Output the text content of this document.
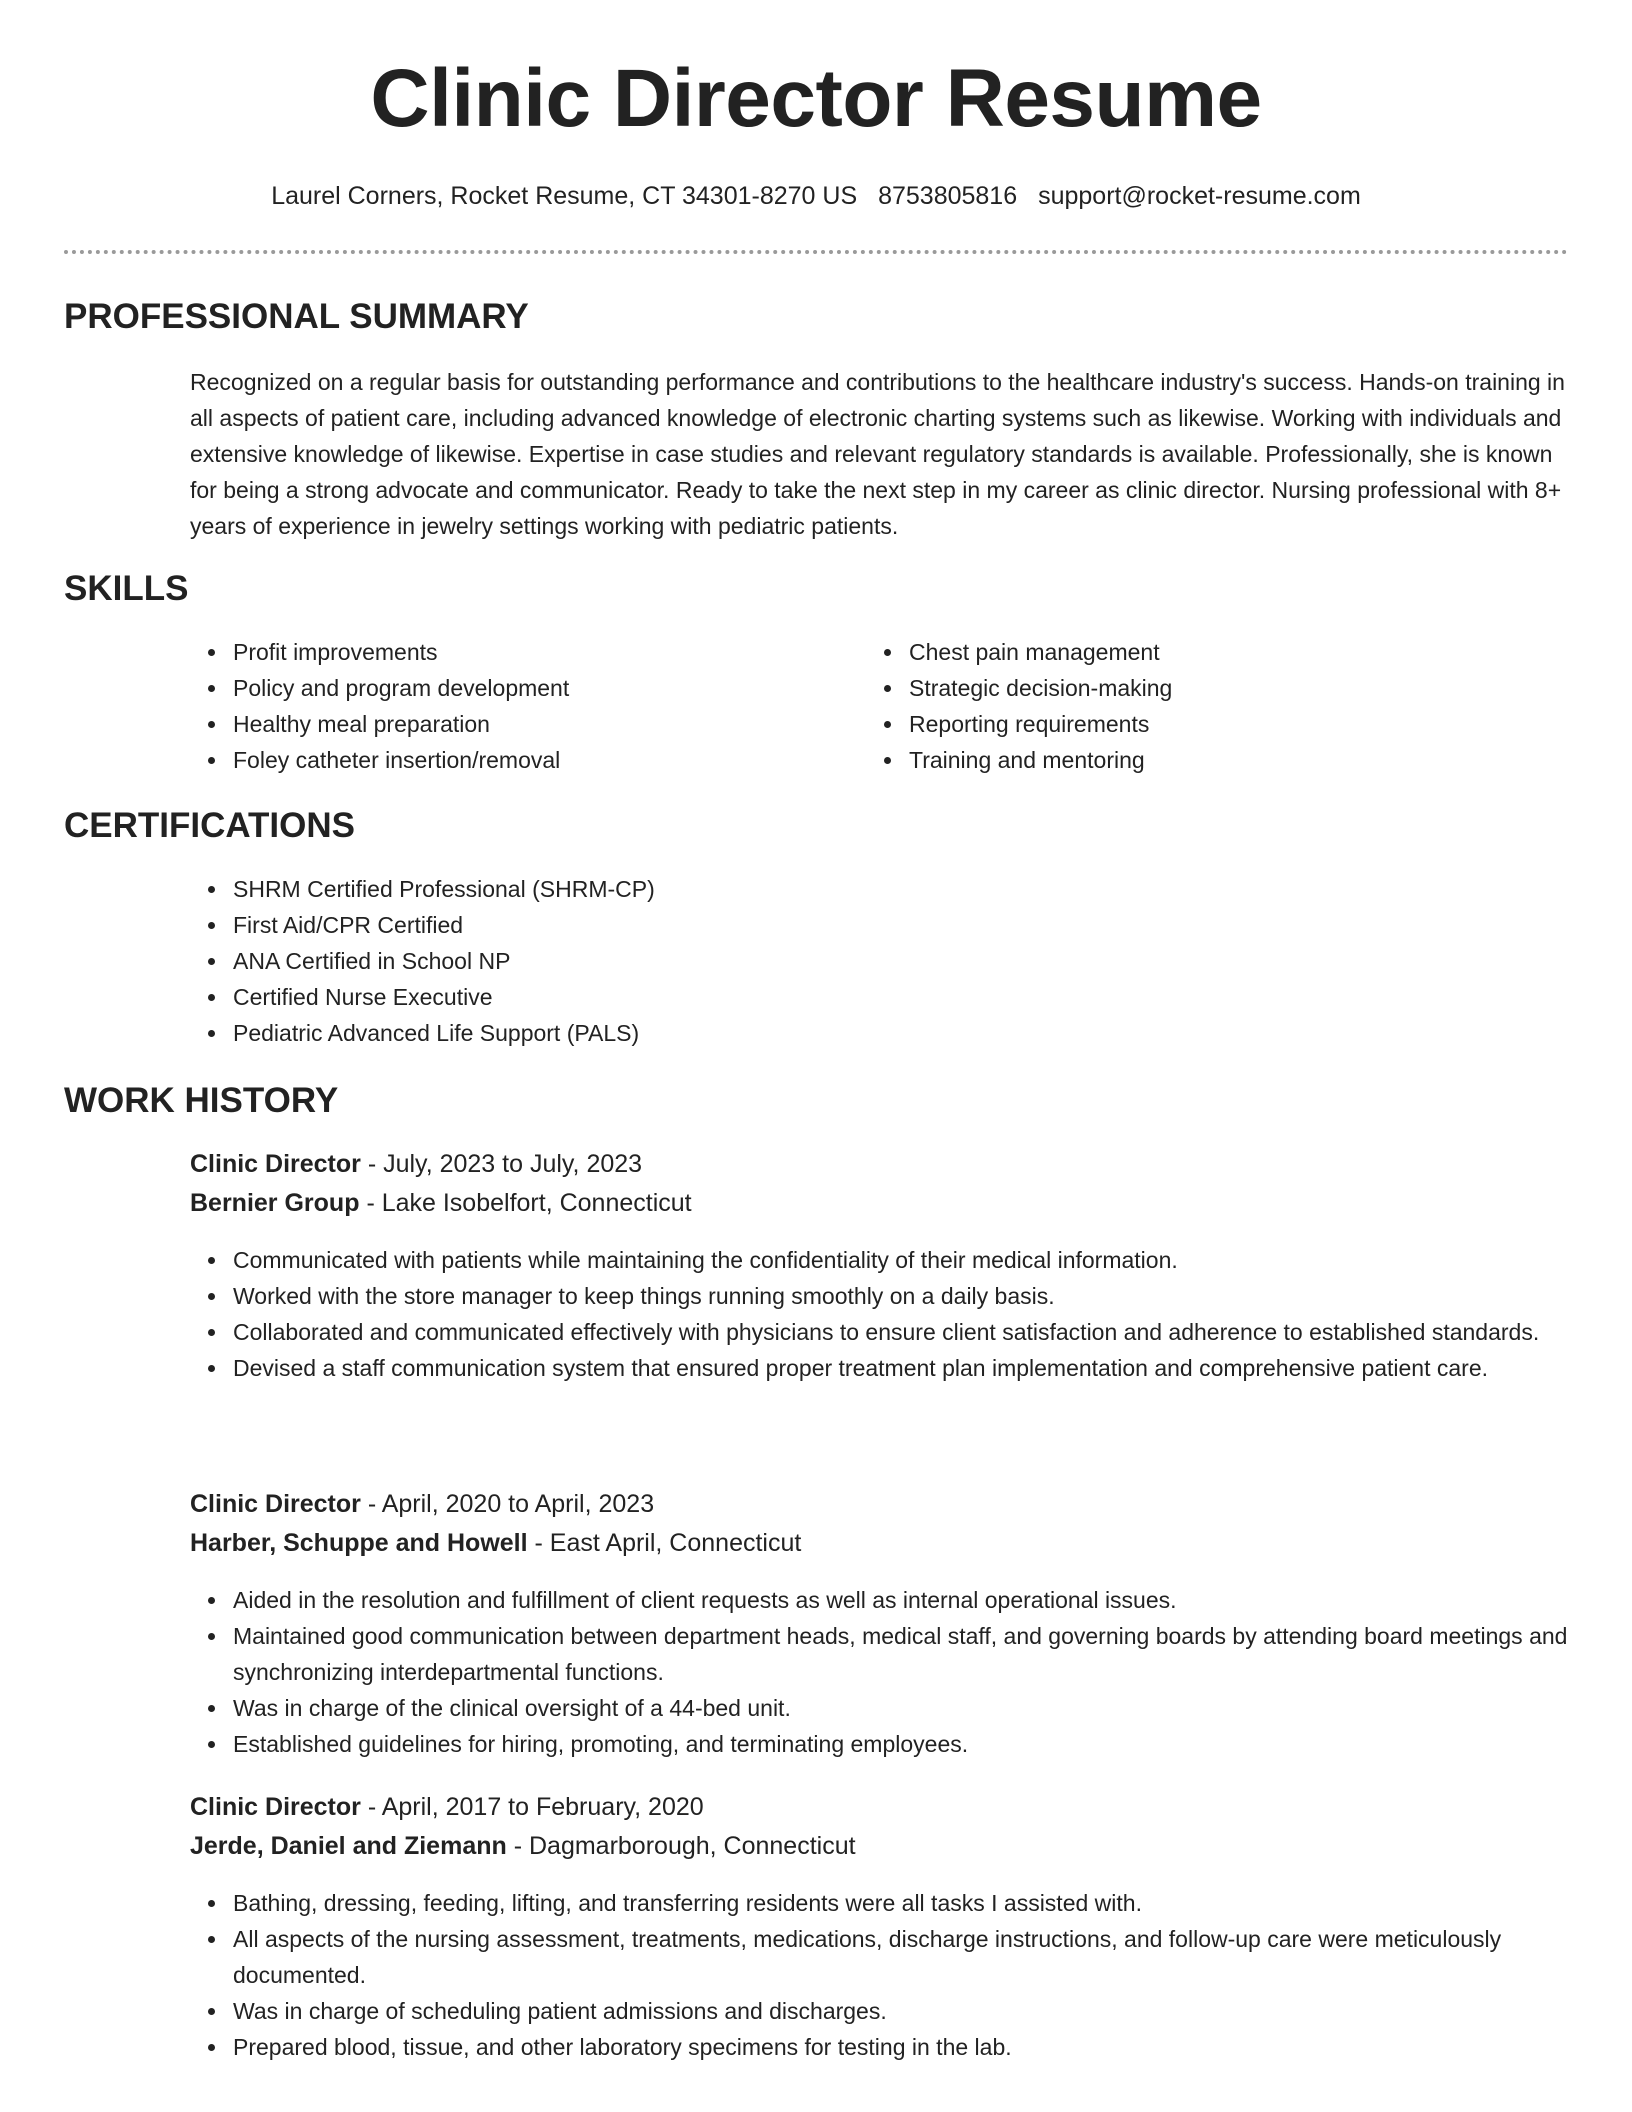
Clinic Director Resume
Laurel Corners, Rocket Resume, CT 34301-8270 US 8753805816 support@rocket-resume.com
PROFESSIONAL SUMMARY

Recognized on a regular basis for outstanding performance and contributions to the healthcare industry's success. Hands-on training in all aspects of patient care, including advanced knowledge of electronic charting systems such as likewise. Working with individuals and extensive knowledge of likewise. Expertise in case studies and relevant regulatory standards is available. Professionally, she is known for being a strong advocate and communicator. Ready to take the next step in my career as clinic director. Nursing professional with 8+ years of experience in jewelry settings working with pediatric patients.

SKILLS
Profit improvements
Policy and program development
Healthy meal preparation
Foley catheter insertion/removal
Chest pain management
Strategic decision-making
Reporting requirements
Training and mentoring
CERTIFICATIONS
SHRM Certified Professional (SHRM-CP)
First Aid/CPR Certified
ANA Certified in School NP
Certified Nurse Executive
Pediatric Advanced Life Support (PALS)
WORK HISTORY
Clinic Director - July, 2023 to July, 2023
Bernier Group - Lake Isobelfort, Connecticut
Communicated with patients while maintaining the confidentiality of their medical information.
Worked with the store manager to keep things running smoothly on a daily basis.
Collaborated and communicated effectively with physicians to ensure client satisfaction and adherence to established standards.
Devised a staff communication system that ensured proper treatment plan implementation and comprehensive patient care.
Clinic Director - April, 2020 to April, 2023
Harber, Schuppe and Howell - East April, Connecticut
Aided in the resolution and fulfillment of client requests as well as internal operational issues.
Maintained good communication between department heads, medical staff, and governing boards by attending board meetings and synchronizing interdepartmental functions.
Was in charge of the clinical oversight of a 44-bed unit.
Established guidelines for hiring, promoting, and terminating employees.
Clinic Director - April, 2017 to February, 2020
Jerde, Daniel and Ziemann - Dagmarborough, Connecticut
Bathing, dressing, feeding, lifting, and transferring residents were all tasks I assisted with.
All aspects of the nursing assessment, treatments, medications, discharge instructions, and follow-up care were meticulously documented.
Was in charge of scheduling patient admissions and discharges.
Prepared blood, tissue, and other laboratory specimens for testing in the lab.
